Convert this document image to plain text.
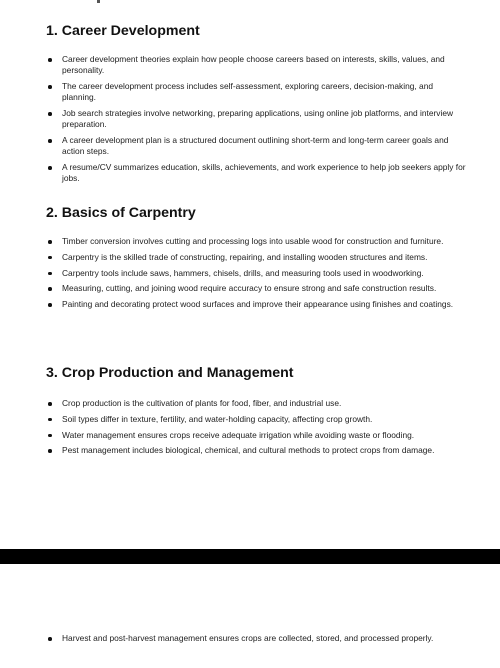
1. Career Development
Career development theories explain how people choose careers based on interests, skills, values, and personality.
The career development process includes self-assessment, exploring careers, decision-making, and planning.
Job search strategies involve networking, preparing applications, using online job platforms, and interview preparation.
A career development plan is a structured document outlining short-term and long-term career goals and action steps.
A resume/CV summarizes education, skills, achievements, and work experience to help job seekers apply for jobs.
2. Basics of Carpentry
Timber conversion involves cutting and processing logs into usable wood for construction and furniture.
Carpentry is the skilled trade of constructing, repairing, and installing wooden structures and items.
Carpentry tools include saws, hammers, chisels, drills, and measuring tools used in woodworking.
Measuring, cutting, and joining wood require accuracy to ensure strong and safe construction results.
Painting and decorating protect wood surfaces and improve their appearance using finishes and coatings.
3. Crop Production and Management
Crop production is the cultivation of plants for food, fiber, and industrial use.
Soil types differ in texture, fertility, and water-holding capacity, affecting crop growth.
Water management ensures crops receive adequate irrigation while avoiding waste or flooding.
Pest management includes biological, chemical, and cultural methods to protect crops from damage.
Harvest and post-harvest management ensures crops are collected, stored, and processed properly.
